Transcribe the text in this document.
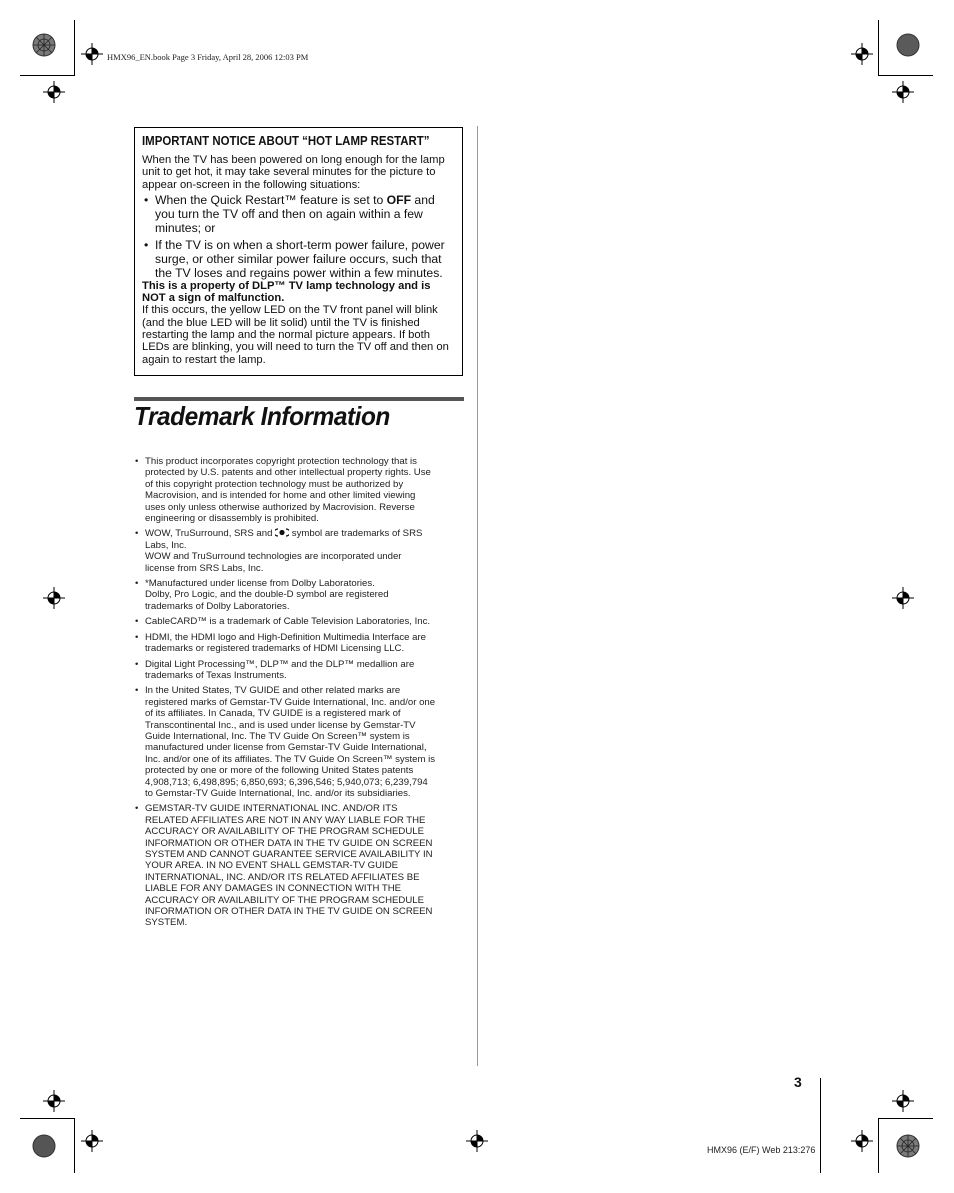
HMX96_EN.book Page 3 Friday, April 28, 2006 12:03 PM
IMPORTANT NOTICE ABOUT “HOT LAMP RESTART”

When the TV has been powered on long enough for the lamp unit to get hot, it may take several minutes for the picture to appear on-screen in the following situations:

• When the Quick Restart™ feature is set to OFF and you turn the TV off and then on again within a few minutes; or
• If the TV is on when a short-term power failure, power surge, or other similar power failure occurs, such that the TV loses and regains power within a few minutes.

This is a property of DLP™ TV lamp technology and is NOT a sign of malfunction.

If this occurs, the yellow LED on the TV front panel will blink (and the blue LED will be lit solid) until the TV is finished restarting the lamp and the normal picture appears. If both LEDs are blinking, you will need to turn the TV off and then on again to restart the lamp.

Trademark Information
• This product incorporates copyright protection technology that is
protected by U.S. patents and other intellectual property rights. Use
of this copyright protection technology must be authorized by
Macrovision, and is intended for home and other limited viewing
uses only unless otherwise authorized by Macrovision. Reverse
engineering or disassembly is prohibited.
• WOW, TruSurround, SRS and  symbol are trademarks of SRS
Labs, Inc.
WOW and TruSurround technologies are incorporated under
license from SRS Labs, Inc.
• *Manufactured under license from Dolby Laboratories.
Dolby, Pro Logic, and the double-D symbol are registered
trademarks of Dolby Laboratories.
• CableCARD™ is a trademark of Cable Television Laboratories, Inc.
• HDMI, the HDMI logo and High-Definition Multimedia Interface are
trademarks or registered trademarks of HDMI Licensing LLC.
• Digital Light Processing™, DLP™ and the DLP™ medallion are
trademarks of Texas Instruments.
• In the United States, TV GUIDE and other related marks are
registered marks of Gemstar-TV Guide International, Inc. and/or one
of its affiliates. In Canada, TV GUIDE is a registered mark of
Transcontinental Inc., and is used under license by Gemstar-TV
Guide International, Inc. The TV Guide On Screen™ system is
manufactured under license from Gemstar-TV Guide International,
Inc. and/or one of its affiliates. The TV Guide On Screen™ system is
protected by one or more of the following United States patents
4,908,713; 6,498,895; 6,850,693; 6,396,546; 5,940,073; 6,239,794
to Gemstar-TV Guide International, Inc. and/or its subsidiaries.
• GEMSTAR-TV GUIDE INTERNATIONAL INC. AND/OR ITS
RELATED AFFILIATES ARE NOT IN ANY WAY LIABLE FOR THE
ACCURACY OR AVAILABILITY OF THE PROGRAM SCHEDULE
INFORMATION OR OTHER DATA IN THE TV GUIDE ON SCREEN
SYSTEM AND CANNOT GUARANTEE SERVICE AVAILABILITY IN
YOUR AREA. IN NO EVENT SHALL GEMSTAR-TV GUIDE
INTERNATIONAL, INC. AND/OR ITS RELATED AFFILIATES BE
LIABLE FOR ANY DAMAGES IN CONNECTION WITH THE
ACCURACY OR AVAILABILITY OF THE PROGRAM SCHEDULE
INFORMATION OR OTHER DATA IN THE TV GUIDE ON SCREEN
SYSTEM.
3
HMX96 (E/F) Web 213:276
